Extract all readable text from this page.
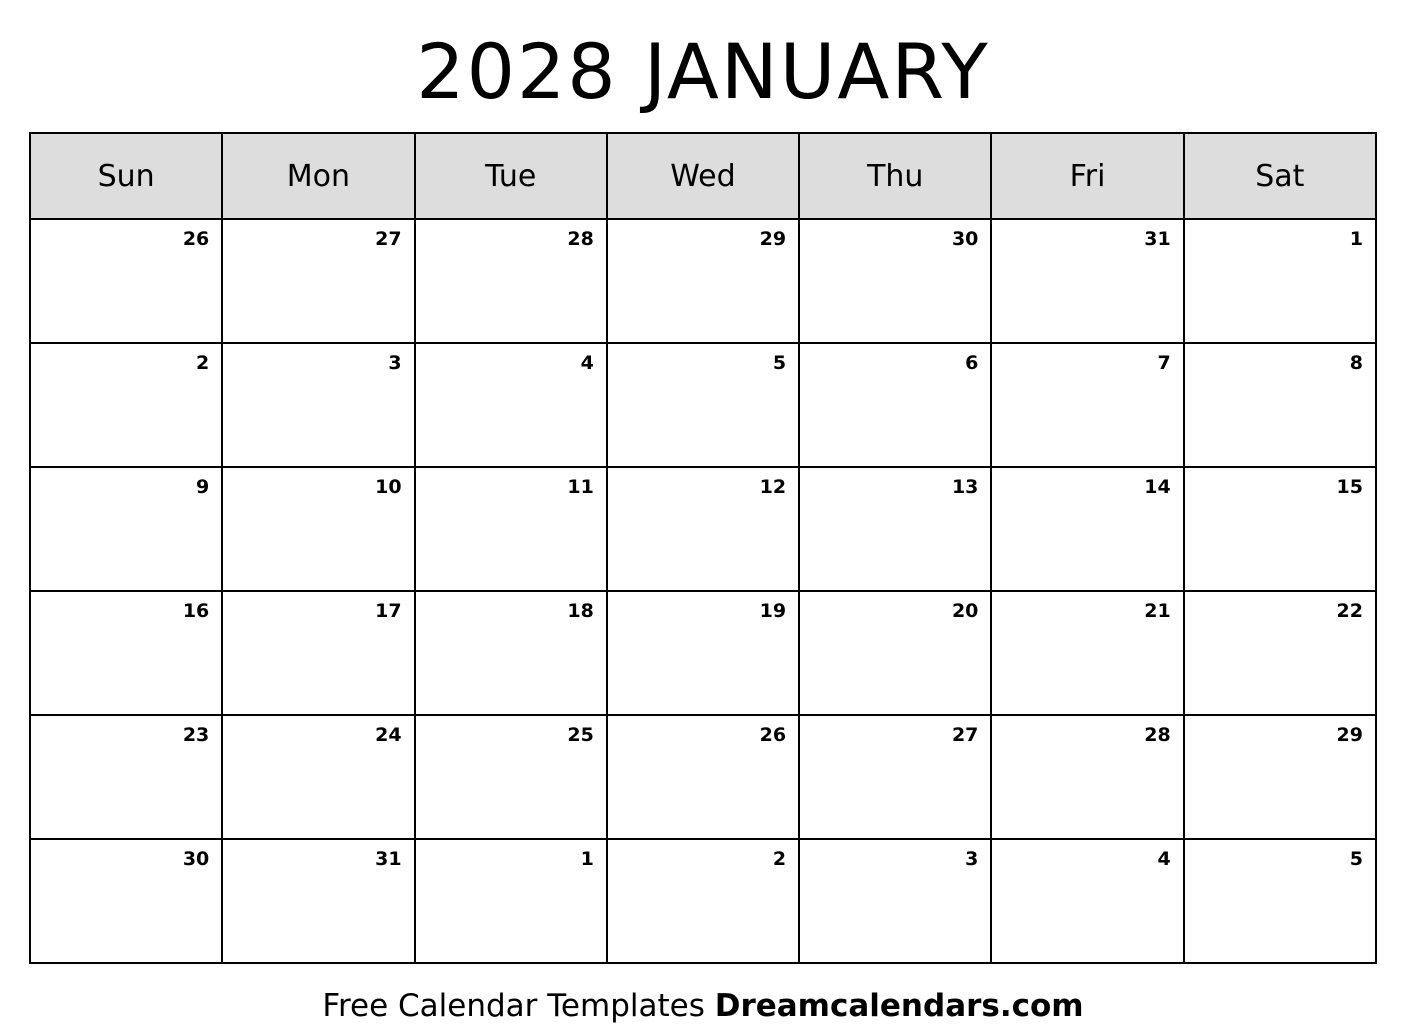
2028 JANUARY
Sun	Mon	Tue	Wed	Thu	Fri	Sat
26	27	28	29	30	31	1
2	3	4	5	6	7	8
9	10	11	12	13	14	15
16	17	18	19	20	21	22
23	24	25	26	27	28	29
30	31	1	2	3	4	5
Free Calendar Templates Dreamcalendars.com
